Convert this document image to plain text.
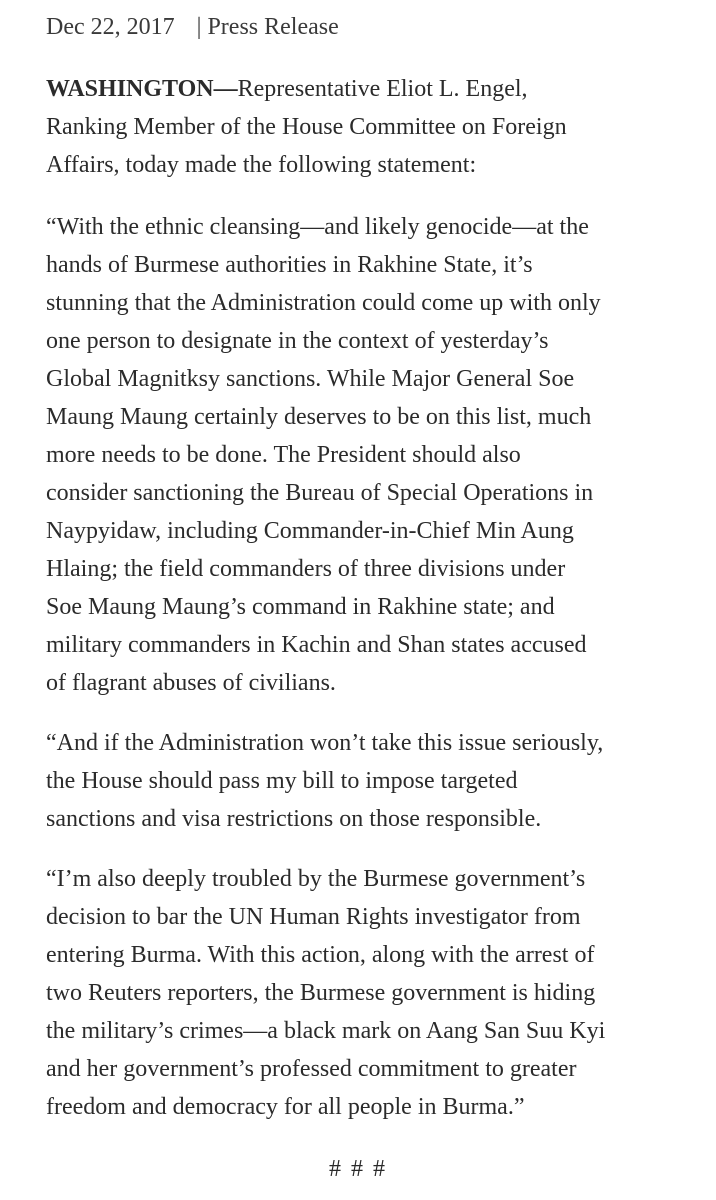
Dec 22, 2017 | Press Release

WASHINGTON—Representative Eliot L. Engel,
Ranking Member of the House Committee on Foreign
Affairs, today made the following statement:

“With the ethnic cleansing—and likely genocide—at the
hands of Burmese authorities in Rakhine State, it’s
stunning that the Administration could come up with only
one person to designate in the context of yesterday’s
Global Magnitksy sanctions. While Major General Soe
Maung Maung certainly deserves to be on this list, much
more needs to be done. The President should also
consider sanctioning the Bureau of Special Operations in
Naypyidaw, including Commander-in-Chief Min Aung
Hlaing; the field commanders of three divisions under
Soe Maung Maung’s command in Rakhine state; and
military commanders in Kachin and Shan states accused
of flagrant abuses of civilians.

“And if the Administration won’t take this issue seriously,
the House should pass my bill to impose targeted
sanctions and visa restrictions on those responsible.

“I’m also deeply troubled by the Burmese government’s
decision to bar the UN Human Rights investigator from
entering Burma. With this action, along with the arrest of
two Reuters reporters, the Burmese government is hiding
the military’s crimes—a black mark on Aang San Suu Kyi
and her government’s professed commitment to greater
freedom and democracy for all people in Burma.”

# # #
